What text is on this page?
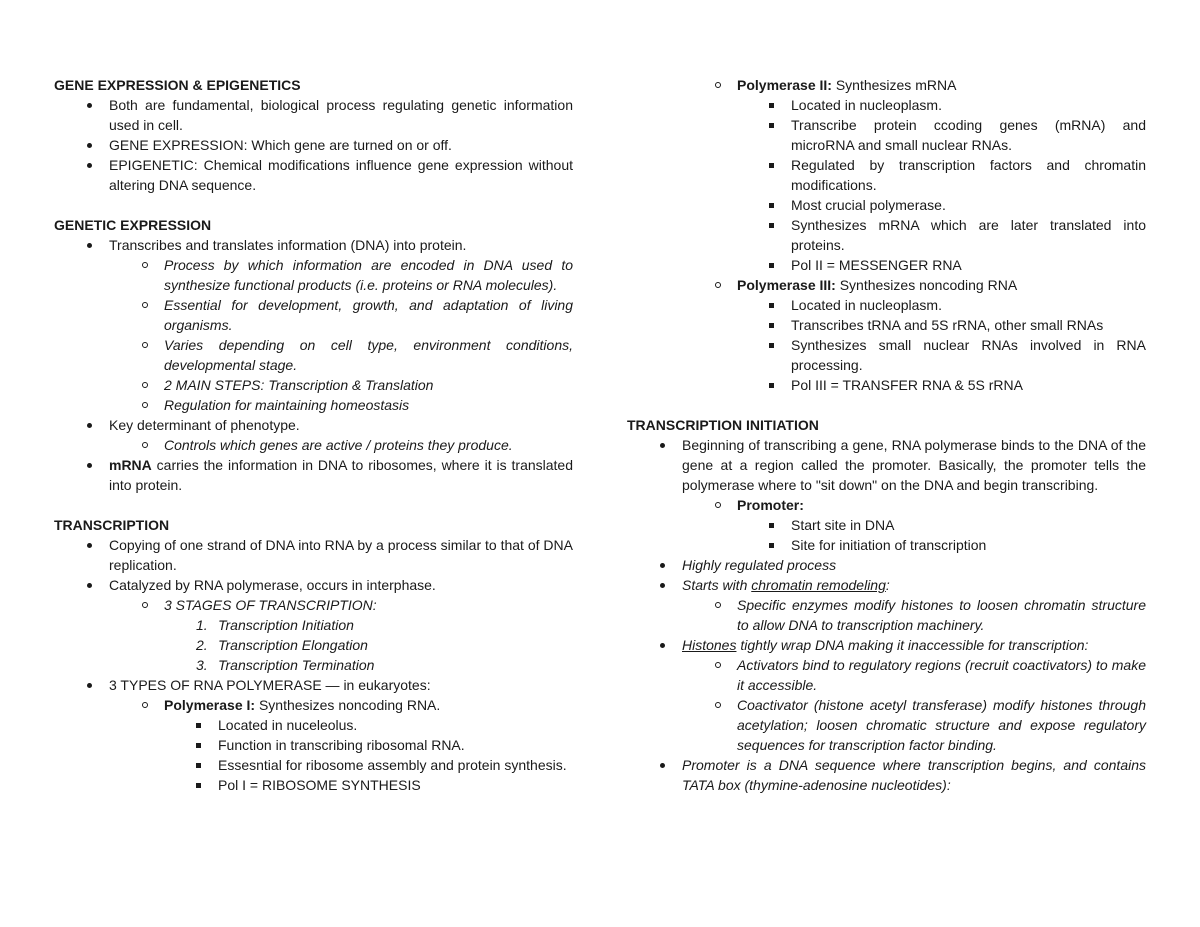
GENE EXPRESSION & EPIGENETICS
Both are fundamental, biological process regulating genetic information used in cell.
GENE EXPRESSION: Which gene are turned on or off.
EPIGENETIC: Chemical modifications influence gene expression without altering DNA sequence.
GENETIC EXPRESSION
Transcribes and translates information (DNA) into protein.
Process by which information are encoded in DNA used to synthesize functional products (i.e. proteins or RNA molecules).
Essential for development, growth, and adaptation of living organisms.
Varies depending on cell type, environment conditions, developmental stage.
2 MAIN STEPS: Transcription & Translation
Regulation for maintaining homeostasis
Key determinant of phenotype.
Controls which genes are active / proteins they produce.
mRNA carries the information in DNA to ribosomes, where it is translated into protein.
TRANSCRIPTION
Copying of one strand of DNA into RNA by a process similar to that of DNA replication.
Catalyzed by RNA polymerase, occurs in interphase.
3 STAGES OF TRANSCRIPTION:
1. Transcription Initiation
2. Transcription Elongation
3. Transcription Termination
3 TYPES OF RNA POLYMERASE — in eukaryotes:
Polymerase I: Synthesizes noncoding RNA.
Located in nuceleolus.
Function in transcribing ribosomal RNA.
Essesntial for ribosome assembly and protein synthesis.
Pol I = RIBOSOME SYNTHESIS
Polymerase II: Synthesizes mRNA
Located in nucleoplasm.
Transcribe protein ccoding genes (mRNA) and microRNA and small nuclear RNAs.
Regulated by transcription factors and chromatin modifications.
Most crucial polymerase.
Synthesizes mRNA which are later translated into proteins.
Pol II = MESSENGER RNA
Polymerase III: Synthesizes noncoding RNA
Located in nucleoplasm.
Transcribes tRNA and 5S rRNA, other small RNAs
Synthesizes small nuclear RNAs involved in RNA processing.
Pol III = TRANSFER RNA & 5S rRNA
TRANSCRIPTION INITIATION
Beginning of transcribing a gene, RNA polymerase binds to the DNA of the gene at a region called the promoter. Basically, the promoter tells the polymerase where to "sit down" on the DNA and begin transcribing.
Promoter:
Start site in DNA
Site for initiation of transcription
Highly regulated process
Starts with chromatin remodeling:
Specific enzymes modify histones to loosen chromatin structure to allow DNA to transcription machinery.
Histones tightly wrap DNA making it inaccessible for transcription:
Activators bind to regulatory regions (recruit coactivators) to make it accessible.
Coactivator (histone acetyl transferase) modify histones through acetylation; loosen chromatic structure and expose regulatory sequences for transcription factor binding.
Promoter is a DNA sequence where transcription begins, and contains TATA box (thymine-adenosine nucleotides):
